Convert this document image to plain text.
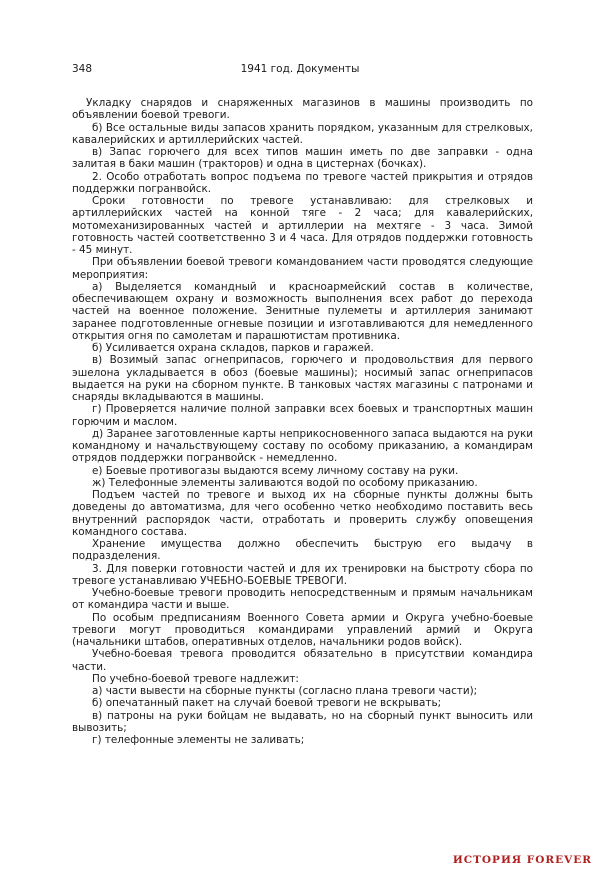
348	1941 год. Документы

Укладку снарядов и снаряженных магазинов в машины производить по объявлении боевой тревоги.

б) Все остальные виды запасов хранить порядком, указанным для стрелковых, кавалерийских и артиллерийских частей.

в) Запас горючего для всех типов машин иметь по две заправки - одна залитая в баки машин (тракторов) и одна в цистернах (бочках).

2. Особо отработать вопрос подъема по тревоге частей прикрытия и отрядов поддержки погранвойск.

Сроки готовности по тревоге устанавливаю: для стрелковых и артиллерийских частей на конной тяге - 2 часа; для кавалерийских, мотомеханизированных частей и артиллерии на мехтяге - 3 часа. Зимой готовность частей соответственно 3 и 4 часа. Для отрядов поддержки готовность - 45 минут.

При объявлении боевой тревоги командованием части проводятся следующие мероприятия:

а) Выделяется командный и красноармейский состав в количестве, обеспечивающем охрану и возможность выполнения всех работ до перехода частей на военное положение. Зенитные пулеметы и артиллерия занимают заранее подготовленные огневые позиции и изготавливаются для немедленного открытия огня по самолетам и парашютистам противника.

б) Усиливается охрана складов, парков и гаражей.

в) Возимый запас огнеприпасов, горючего и продовольствия для первого эшелона укладывается в обоз (боевые машины); носимый запас огнеприпасов выдается на руки на сборном пункте. В танковых частях магазины с патронами и снаряды вкладываются в машины.

г) Проверяется наличие полной заправки всех боевых и транспортных машин горючим и маслом.

д) Заранее заготовленные карты неприкосновенного запаса выдаются на руки командному и начальствующему составу по особому приказанию, а командирам отрядов поддержки погранвойск - немедленно.

е) Боевые противогазы выдаются всему личному составу на руки.

ж) Телефонные элементы заливаются водой по особому приказанию.

Подъем частей по тревоге и выход их на сборные пункты должны быть доведены до автоматизма, для чего особенно четко необходимо поставить весь внутренний распорядок части, отработать и проверить службу оповещения командного состава.

Хранение имущества должно обеспечить быструю его выдачу в подразделения.

3. Для поверки готовности частей и для их тренировки на быстроту сбора по тревоге устанавливаю УЧЕБНО-БОЕВЫЕ ТРЕВОГИ.

Учебно-боевые тревоги проводить непосредственным и прямым начальникам от командира части и выше.

По особым предписаниям Военного Совета армии и Округа учебно-боевые тревоги могут проводиться командирами управлений армий и Округа (начальники штабов, оперативных отделов, начальники родов войск).

Учебно-боевая тревога проводится обязательно в присутствии командира части.

По учебно-боевой тревоге надлежит:

а) части вывести на сборные пункты (согласно плана тревоги части);

б) опечатанный пакет на случай боевой тревоги не вскрывать;

в) патроны на руки бойцам не выдавать, но на сборный пункт выносить или вывозить;

г) телефонные элементы не заливать;

ИСТОРИЯ FOREVER
